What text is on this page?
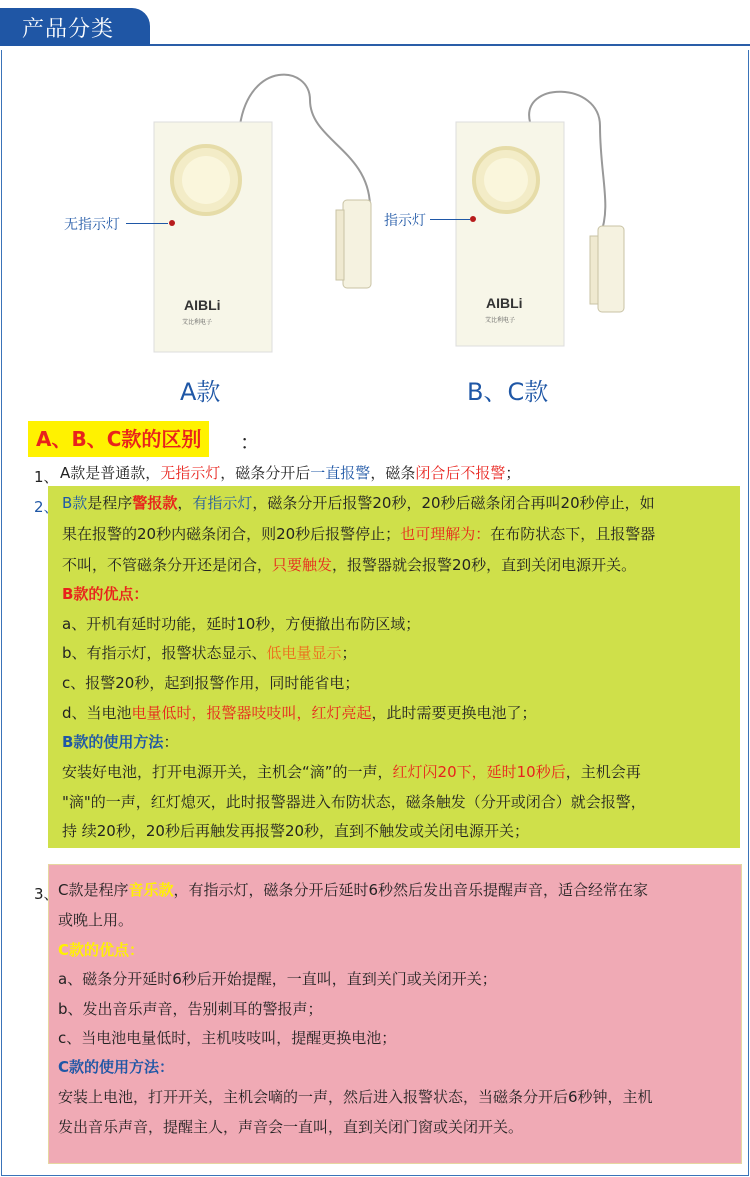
产品分类
AIBLi
艾比利电子
无指示灯
A款
AIBLi
艾比利电子
指示灯
B、C款
A、B、C款的区别	：
1、 A款是普通款，无指示灯，磁条分开后一直报警，磁条闭合后不报警；
2、 B款是程序警报款，有指示灯，磁条分开后报警20秒，20秒后磁条闭合再叫20秒停止，如
果在报警的20秒内磁条闭合，则20秒后报警停止；也可理解为：在布防状态下，且报警器
不叫，不管磁条分开还是闭合，只要触发，报警器就会报警20秒，直到关闭电源开关。
B款的优点：
a、开机有延时功能，延时10秒，方便撤出布防区域；
b、有指示灯，报警状态显示、低电量显示；
c、报警20秒，起到报警作用，同时能省电；
d、当电池电量低时，报警器吱吱叫，红灯亮起，此时需要更换电池了；
B款的使用方法：
安装好电池，打开电源开关，主机会“滴”的一声，红灯闪20下，延时10秒后，主机会再
"滴"的一声，红灯熄灭，此时报警器进入布防状态，磁条触发（分开或闭合）就会报警，
持 续20秒，20秒后再触发再报警20秒，直到不触发或关闭电源开关；
3、 C款是程序音乐款，有指示灯，磁条分开后延时6秒然后发出音乐提醒声音，适合经常在家
或晚上用。
C款的优点：
a、磁条分开延时6秒后开始提醒，一直叫，直到关门或关闭开关；
b、发出音乐声音，告别刺耳的警报声；
c、当电池电量低时，主机吱吱叫，提醒更换电池；
C款的使用方法：
安装上电池，打开开关，主机会嘀的一声，然后进入报警状态，当磁条分开后6秒钟，主机
发出音乐声音，提醒主人，声音会一直叫，直到关闭门窗或关闭开关。
